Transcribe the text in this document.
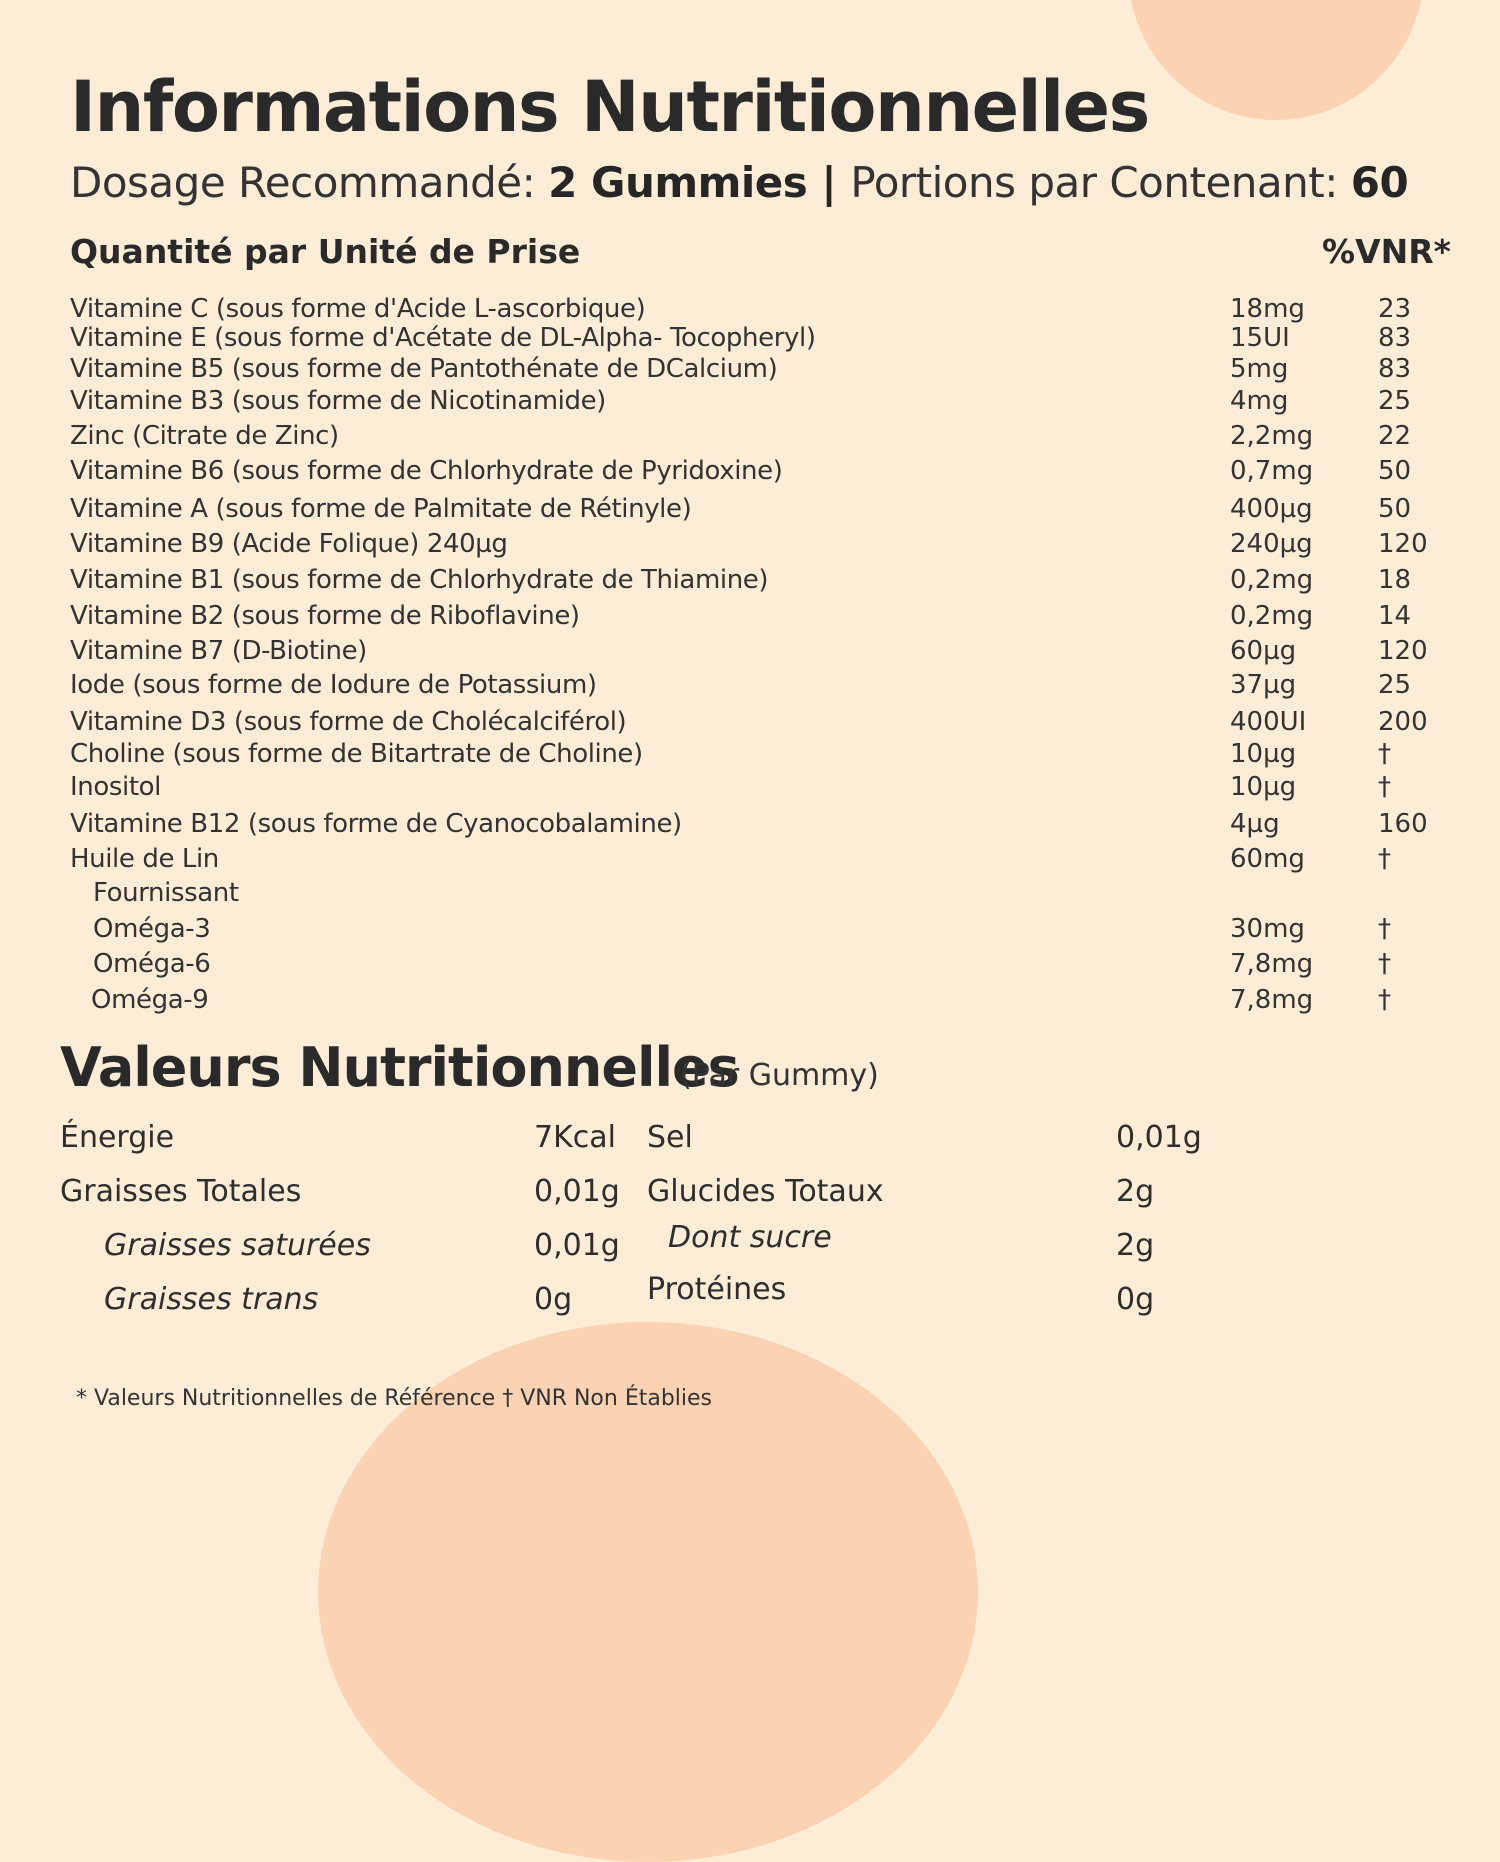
Informations Nutritionnelles
Dosage Recommandé: 2 Gummies | Portions par Contenant: 60
Quantité par Unité de Prise	%VNR*
Vitamine C (sous forme d'Acide L-ascorbique)	18mg	23
Vitamine E (sous forme d'Acétate de DL-Alpha- Tocopheryl)	15UI	83
Vitamine B5 (sous forme de Pantothénate de DCalcium)	5mg	83
Vitamine B3 (sous forme de Nicotinamide)	4mg	25
Zinc (Citrate de Zinc)	2,2mg 22
Vitamine B6 (sous forme de Chlorhydrate de Pyridoxine)	0,7mg 50
Vitamine A (sous forme de Palmitate de Rétinyle)	400µg	50
Vitamine B9 (Acide Folique) 240µg	240µg	120
Vitamine B1 (sous forme de Chlorhydrate de Thiamine)	0,2mg 18
Vitamine B2 (sous forme de Riboflavine)	0,2mg 14
Vitamine B7 (D-Biotine)	60µg	120
Iode (sous forme de Iodure de Potassium)	37µg	25
Vitamine D3 (sous forme de Cholécalciférol)	400UI	200
Choline (sous forme de Bitartrate de Choline)	10µg	†
Inositol	10µg	†
Vitamine B12 (sous forme de Cyanocobalamine)	4µg	160
Huile de Lin	60mg	†
Fournissant
Oméga-3	30mg	†
Oméga-6	7,8mg †
Oméga-9	7,8mg †
Valeurs Nutritionnelles
(Par Gummy)
Énergie	7Kcal
Graisses Totales	0,01g
Graisses saturées	0,01g
Graisses trans	0g
Sel	0,01g
Glucides Totaux	2g
Dont sucre	2g
Protéines	0g
* Valeurs Nutritionnelles de Référence † VNR Non Établies
